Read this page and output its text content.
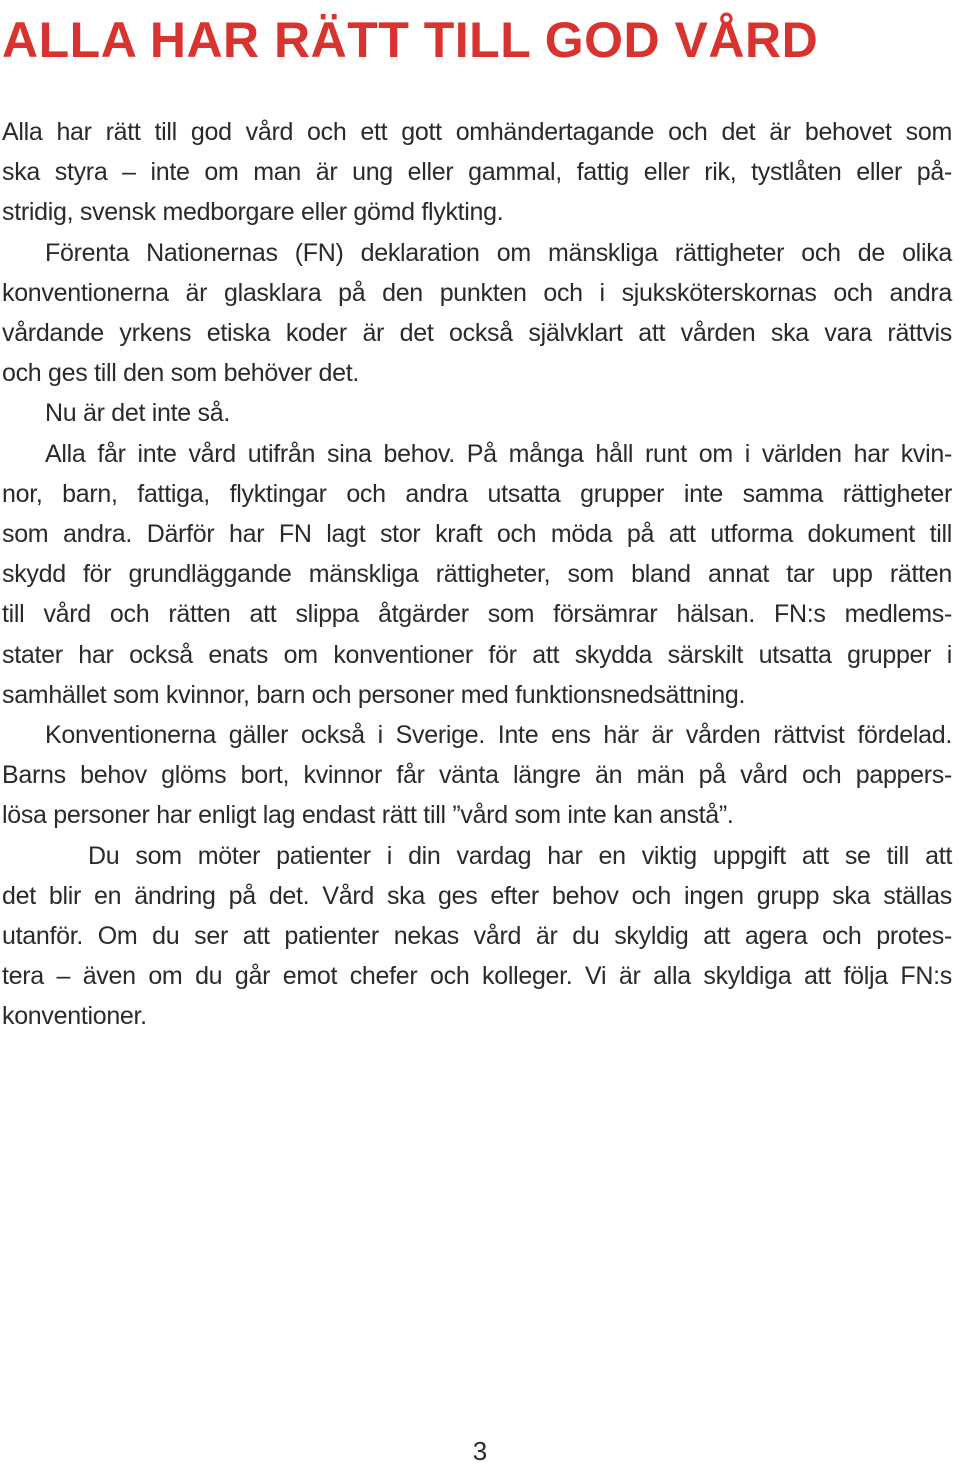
ALLA HAR RÄTT TILL GOD VÅRD
Alla har rätt till god vård och ett gott omhändertagande och det är behovet som
ska styra – inte om man är ung eller gammal, fattig eller rik, tystlåten eller på-
stridig, svensk medborgare eller gömd flykting.
Förenta Nationernas (FN) deklaration om mänskliga rättigheter och de olika
konventionerna är glasklara på den punkten och i sjuksköterskornas och andra
vårdande yrkens etiska koder är det också självklart att vården ska vara rättvis
och ges till den som behöver det.
Nu är det inte så.
Alla får inte vård utifrån sina behov. På många håll runt om i världen har kvin-
nor, barn, fattiga, flyktingar och andra utsatta grupper inte samma rättigheter
som andra. Därför har FN lagt stor kraft och möda på att utforma dokument till
skydd för grundläggande mänskliga rättigheter, som bland annat tar upp rätten
till vård och rätten att slippa åtgärder som försämrar hälsan. FN:s medlems-
stater har också enats om konventioner för att skydda särskilt utsatta grupper i
samhället som kvinnor, barn och personer med funktionsnedsättning.
Konventionerna gäller också i Sverige. Inte ens här är vården rättvist fördelad.
Barns behov glöms bort, kvinnor får vänta längre än män på vård och pappers-
lösa personer har enligt lag endast rätt till ”vård som inte kan anstå”.
Du som möter patienter i din vardag har en viktig uppgift att se till att
det blir en ändring på det. Vård ska ges efter behov och ingen grupp ska ställas
utanför. Om du ser att patienter nekas vård är du skyldig att agera och protes-
tera – även om du går emot chefer och kolleger. Vi är alla skyldiga att följa FN:s
konventioner.
3
